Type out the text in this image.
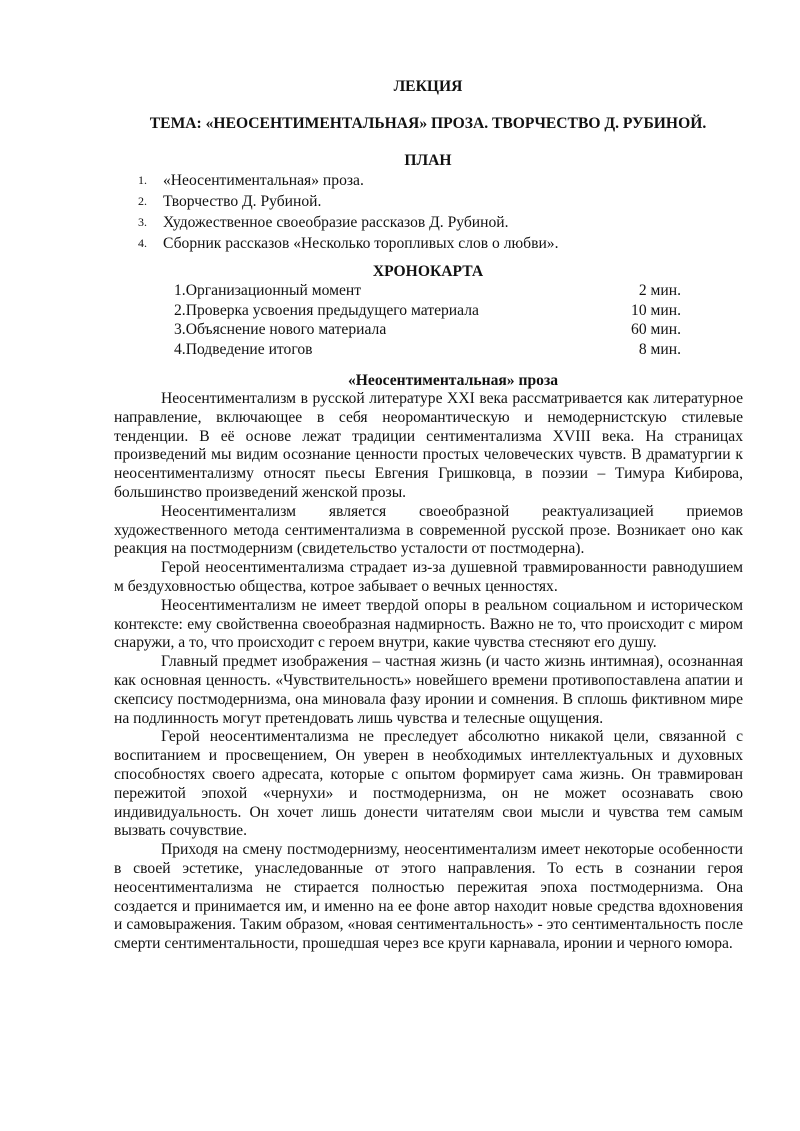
ЛЕКЦИЯ
ТЕМА: «НЕОСЕНТИМЕНТАЛЬНАЯ» ПРОЗА. ТВОРЧЕСТВО Д. РУБИНОЙ.
ПЛАН
1.	«Неосентиментальная» проза.
2.	Творчество Д. Рубиной.
3.	Художественное своеобразие рассказов Д. Рубиной.
4.	Сборник рассказов «Несколько торопливых слов о любви».
ХРОНОКАРТА
1.Организационный момент	2 мин.
2.Проверка усвоения предыдущего материала	10 мин.
3.Объяснение нового материала	60 мин.
4.Подведение итогов	8 мин.
«Неосентиментальная» проза

Неосентиментализм в русской литературе XXI века рассматривается как литературное направление, включающее в себя неоромантическую и немодернистскую стилевые тенденции. В её основе лежат традиции сентиментализма XVIII века. На страницах произведений мы видим осознание ценности простых человеческих чувств. В драматургии к неосентиментализму относят пьесы Евгения Гришковца, в поэзии – Тимура Кибирова, большинство произведений женской прозы.

Неосентиментализм является своеобразной реактуализацией приемов художественного метода сентиментализма в современной русской прозе. Возникает оно как реакция на постмодернизм (свидетельство усталости от постмодерна).

Герой неосентиментализма страдает из-за душевной травмированности равнодушием м бездуховностью общества, котрое забывает о вечных ценностях.

Неосентиментализм не имеет твердой опоры в реальном социальном и историческом контексте: ему свойственна своеобразная надмирность. Важно не то, что происходит с миром снаружи, а то, что происходит с героем внутри, какие чувства стесняют его душу.

Главный предмет изображения – частная жизнь (и часто жизнь интимная), осознанная как основная ценность. «Чувствительность» новейшего времени противопоставлена апатии и скепсису постмодернизма, она миновала фазу иронии и сомнения. В сплошь фиктивном мире на подлинность могут претендовать лишь чувства и телесные ощущения.

Герой неосентиментализма не преследует абсолютно никакой цели, связанной с воспитанием и просвещением, Он уверен в необходимых интеллектуальных и духовных способностях своего адресата, которые с опытом формирует сама жизнь. Он травмирован пережитой эпохой «чернухи» и постмодернизма, он не может осознавать свою индивидуальность. Он хочет лишь донести читателям свои мысли и чувства тем самым вызвать сочувствие.

Приходя на смену постмодернизму, неосентиментализм имеет некоторые особенности в своей эстетике, унаследованные от этого направления. То есть в сознании героя неосентиментализма не стирается полностью пережитая эпоха постмодернизма. Она создается и принимается им, и именно на ее фоне автор находит новые средства вдохновения и самовыражения. Таким образом, «новая сентиментальность» - это сентиментальность после смерти сентиментальности, прошедшая через все круги карнавала, иронии и черного юмора.
